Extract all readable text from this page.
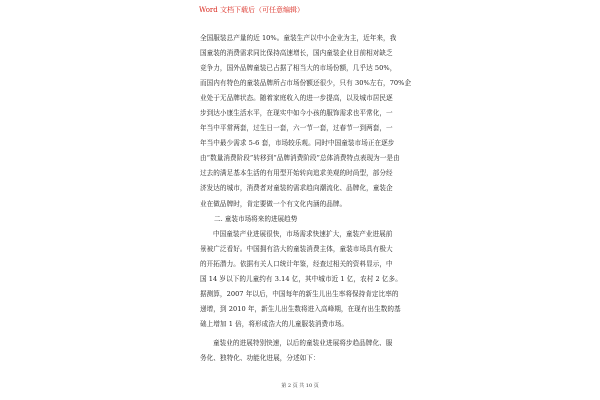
Word 文档下载后（可任意编辑）
全国服装总产量的近 10%。童装生产以中小企业为主，近年来，我
国童装的消费需求同比保持高速增长，国内童装企业目前相对缺乏
竞争力，国外品牌童装已占据了相当大的市场份额，几乎达 50%，
而国内有特色的童装品牌所占市场份额还很少，只有 30%左右，70%企
业处于无品牌状态。随着家庭收入的进一步提高，以及城市居民逐
步到达小康生活水平，在现实中如今小孩的服饰需求也平常化，一
年当中平常两套，过生日一套，六一节一套，过春节一到两套，一
年当中最少需求 5-6 套，市场较乐观。同时中国童装市场正在逐步
由“数量消费阶段”转移到“品牌消费阶段”总体消费特点表现为一是由
过去的满足基本生活的有用型开始转向追求美观的时尚型，部分经
济发达的城市，消费者对童装的需求趋向潮流化、品牌化，童装企
业在做品牌时，肯定要做一个有文化内涵的品牌。
二. 童装市场将来的进展趋势
中国童装产业进展很快，市场需求快速扩大，童装产业进展前
景被广泛看好。中国拥有浩大的童装消费主体，童装市场具有极大
的开拓潜力。依据有关人口统计年鉴，经查过相关的资料显示，中
国 14 岁以下的儿童约有 3.14 亿，其中城市近 1 亿，农村 2 亿多。
据测算，2007 年以后，中国每年的新生儿出生率将保持肯定比率的
递增，到 2010 年，新生儿出生数将进入高峰期，在现有出生数的基
础上增加 1 倍，将形成浩大的儿童服装消费市场。
童装业的进展特别快速，以后的童装业进展将步趋品牌化、服
务化、独特化、功能化进展，分述如下：
第 2 页 共 10 页
